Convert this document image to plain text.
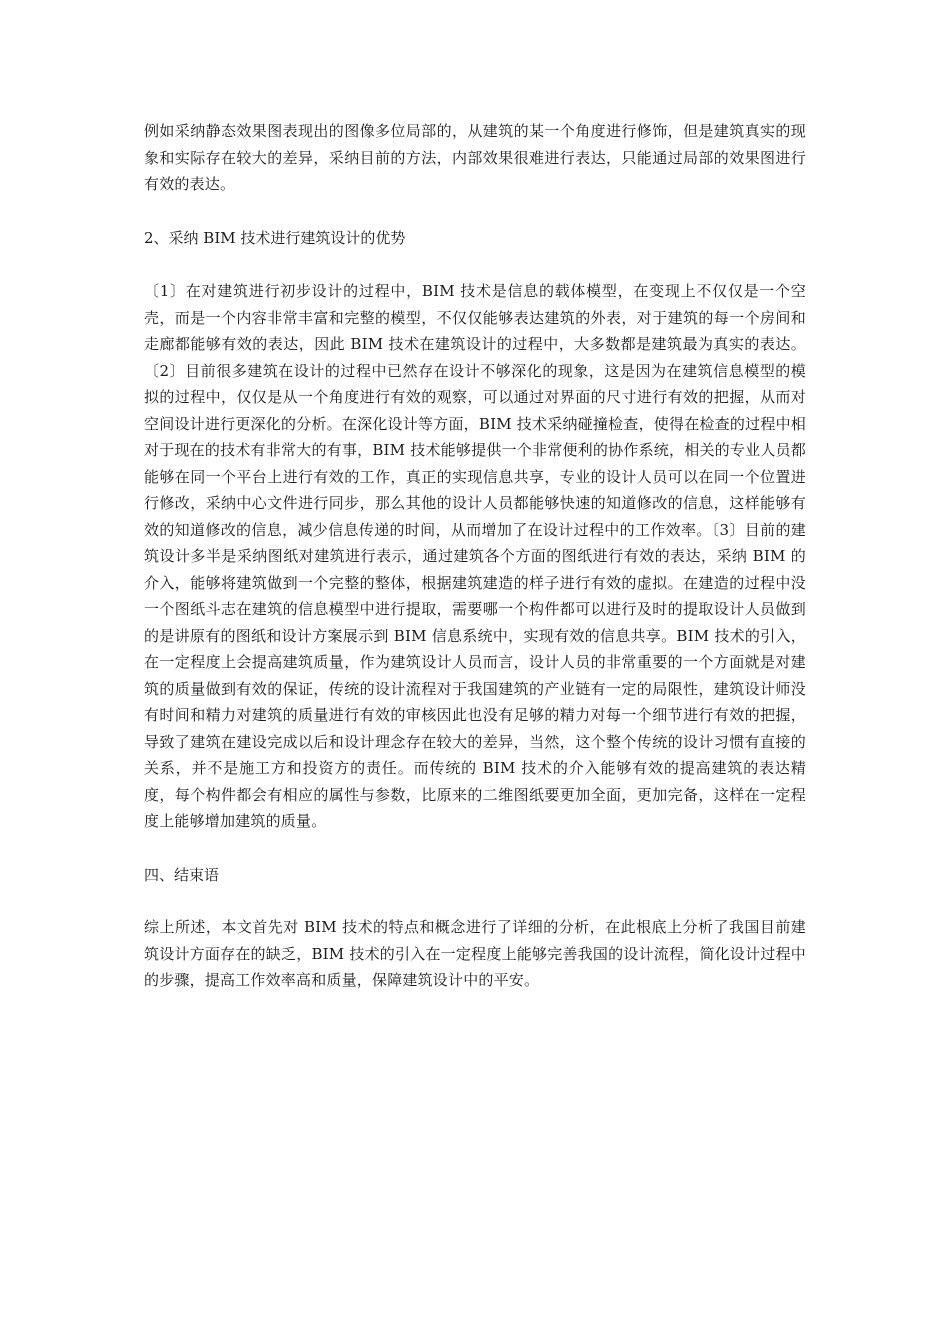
例如采纳静态效果图表现出的图像多位局部的，从建筑的某一个角度进行修饰，但是建筑真实的现象和实际存在较大的差异，采纳目前的方法，内部效果很难进行表达，只能通过局部的效果图进行有效的表达。

2、采纳 BIM 技术进行建筑设计的优势

〔1〕在对建筑进行初步设计的过程中，BIM 技术是信息的载体模型，在变现上不仅仅是一个空壳，而是一个内容非常丰富和完整的模型，不仅仅能够表达建筑的外表，对于建筑的每一个房间和走廊都能够有效的表达，因此 BIM 技术在建筑设计的过程中，大多数都是建筑最为真实的表达。〔2〕目前很多建筑在设计的过程中已然存在设计不够深化的现象，这是因为在建筑信息模型的模拟的过程中，仅仅是从一个角度进行有效的观察，可以通过对界面的尺寸进行有效的把握，从而对空间设计进行更深化的分析。在深化设计等方面，BIM 技术采纳碰撞检查，使得在检查的过程中相对于现在的技术有非常大的有事，BIM 技术能够提供一个非常便利的协作系统，相关的专业人员都能够在同一个平台上进行有效的工作，真正的实现信息共享，专业的设计人员可以在同一个位置进行修改，采纳中心文件进行同步，那么其他的设计人员都能够快速的知道修改的信息，这样能够有效的知道修改的信息，减少信息传递的时间，从而增加了在设计过程中的工作效率。〔3〕目前的建筑设计多半是采纳图纸对建筑进行表示，通过建筑各个方面的图纸进行有效的表达，采纳 BIM 的介入，能够将建筑做到一个完整的整体，根据建筑建造的样子进行有效的虚拟。在建造的过程中没一个图纸斗志在建筑的信息模型中进行提取，需要哪一个构件都可以进行及时的提取设计人员做到的是讲原有的图纸和设计方案展示到 BIM 信息系统中，实现有效的信息共享。BIM 技术的引入，在一定程度上会提高建筑质量，作为建筑设计人员而言，设计人员的非常重要的一个方面就是对建筑的质量做到有效的保证，传统的设计流程对于我国建筑的产业链有一定的局限性，建筑设计师没有时间和精力对建筑的质量进行有效的审核因此也没有足够的精力对每一个细节进行有效的把握，导致了建筑在建设完成以后和设计理念存在较大的差异，当然，这个整个传统的设计习惯有直接的关系，并不是施工方和投资方的责任。而传统的 BIM 技术的介入能够有效的提高建筑的表达精度，每个构件都会有相应的属性与参数，比原来的二维图纸要更加全面，更加完备，这样在一定程度上能够增加建筑的质量。

四、结束语

综上所述，本文首先对 BIM 技术的特点和概念进行了详细的分析，在此根底上分析了我国目前建筑设计方面存在的缺乏，BIM 技术的引入在一定程度上能够完善我国的设计流程，简化设计过程中的步骤，提高工作效率高和质量，保障建筑设计中的平安。
